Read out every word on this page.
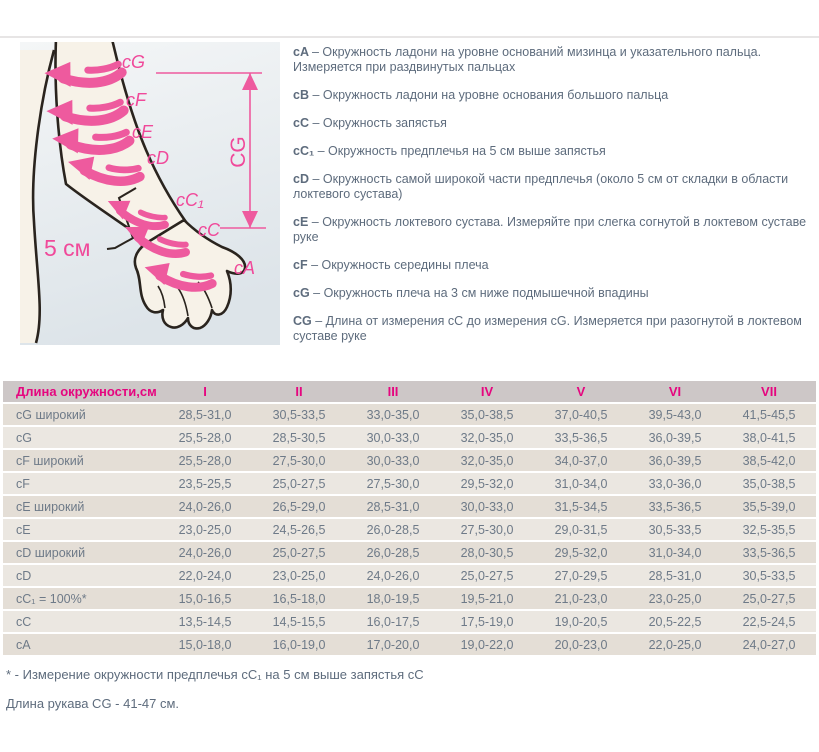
CG
cG
cF
cE
cD
cC₁
cC
cA
5 см
cA – Окружность ладони на уровне оснований мизинца и указательного пальца. Измеряется при раздвинутых пальцах
cB – Окружность ладони на уровне основания большого пальца
cC – Окружность запястья
cC₁ – Окружность предплечья на 5 см выше запястья
cD – Окружность самой широкой части предплечья (около 5 см от складки в области локтевого сустава)
cE – Окружность локтевого сустава. Измеряйте при слегка согнутой в локтевом суставе руке
cF – Окружность середины плеча
cG – Окружность плеча на 3 см ниже подмышечной впадины
CG – Длина от измерения cC до измерения cG. Измеряется при разогнутой в локтевом суставе руке
Длина окружности,см	I	II	III	IV	V	VI	VII
cG широкий	28,5-31,0	30,5-33,5	33,0-35,0	35,0-38,5	37,0-40,5	39,5-43,0	41,5-45,5
cG	25,5-28,0	28,5-30,5	30,0-33,0	32,0-35,0	33,5-36,5	36,0-39,5	38,0-41,5
cF широкий	25,5-28,0	27,5-30,0	30,0-33,0	32,0-35,0	34,0-37,0	36,0-39,5	38,5-42,0
cF	23,5-25,5	25,0-27,5	27,5-30,0	29,5-32,0	31,0-34,0	33,0-36,0	35,0-38,5
cE широкий	24,0-26,0	26,5-29,0	28,5-31,0	30,0-33,0	31,5-34,5	33,5-36,5	35,5-39,0
cE	23,0-25,0	24,5-26,5	26,0-28,5	27,5-30,0	29,0-31,5	30,5-33,5	32,5-35,5
cD широкий	24,0-26,0	25,0-27,5	26,0-28,5	28,0-30,5	29,5-32,0	31,0-34,0	33,5-36,5
cD	22,0-24,0	23,0-25,0	24,0-26,0	25,0-27,5	27,0-29,5	28,5-31,0	30,5-33,5
cC₁ = 100%*	15,0-16,5	16,5-18,0	18,0-19,5	19,5-21,0	21,0-23,0	23,0-25,0	25,0-27,5
cC	13,5-14,5	14,5-15,5	16,0-17,5	17,5-19,0	19,0-20,5	20,5-22,5	22,5-24,5
cA	15,0-18,0	16,0-19,0	17,0-20,0	19,0-22,0	20,0-23,0	22,0-25,0	24,0-27,0

* - Измерение окружности предплечья cC₁ на 5 см выше запястья cC

Длина рукава CG - 41-47 см.
